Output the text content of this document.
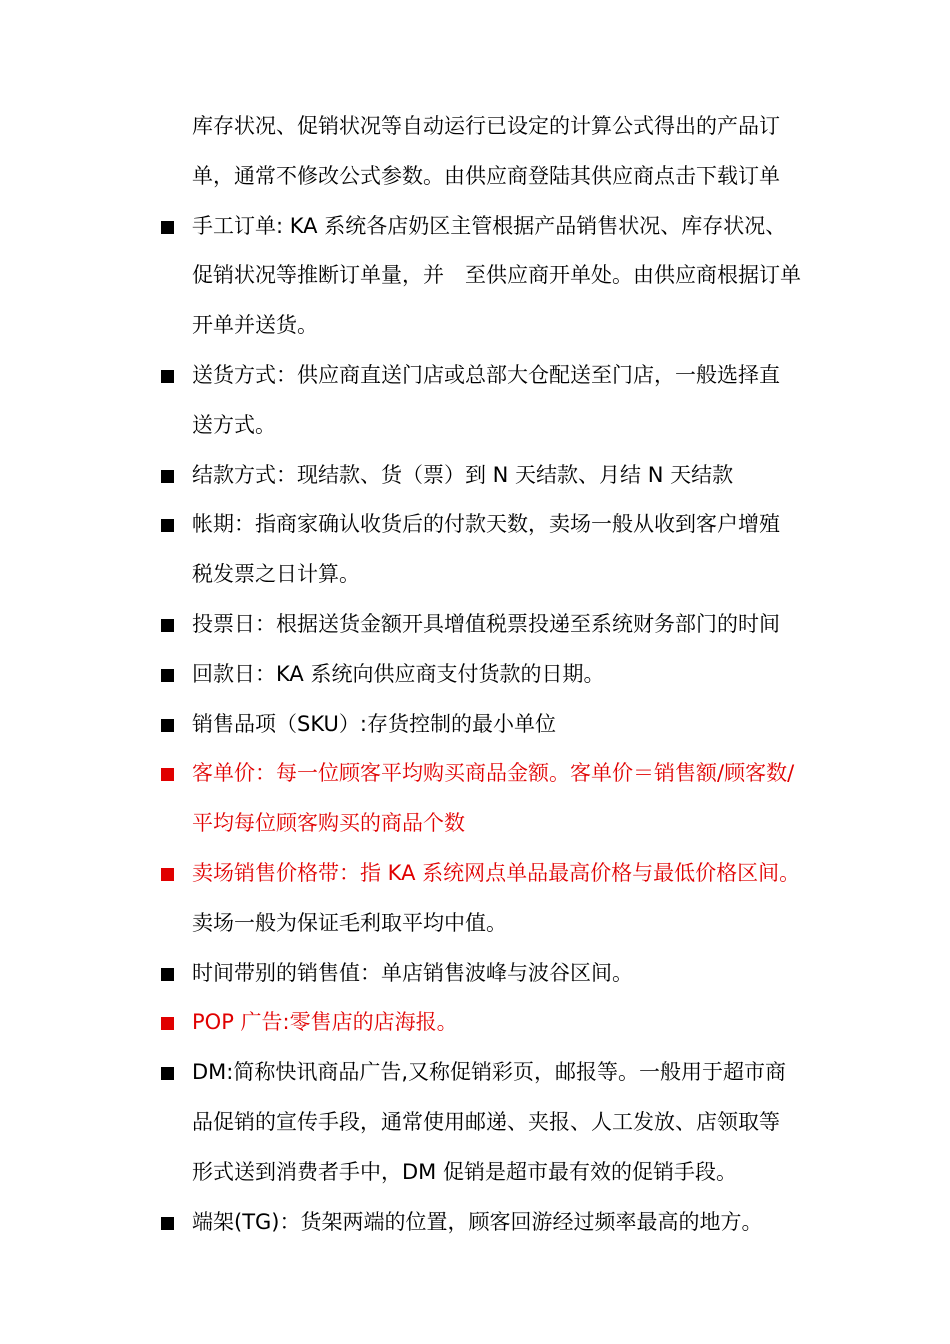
库存状况、促销状况等自动运行已设定的计算公式得出的产品订
单，通常不修改公式参数。由供应商登陆其供应商点击下载订单
手工订单: KA 系统各店奶区主管根据产品销售状况、库存状况、
促销状况等推断订单量，并　至供应商开单处。由供应商根据订单
开单并送货。
送货方式：供应商直送门店或总部大仓配送至门店，一般选择直
送方式。
结款方式：现结款、货（票）到 N 天结款、月结 N 天结款
帐期：指商家确认收货后的付款天数，卖场一般从收到客户增殖
税发票之日计算。
投票日：根据送货金额开具增值税票投递至系统财务部门的时间
回款日：KA 系统向供应商支付货款的日期。
销售品项（SKU）:存货控制的最小单位
客单价：每一位顾客平均购买商品金额。客单价＝销售额/顾客数/
平均每位顾客购买的商品个数
卖场销售价格带：指 KA 系统网点单品最高价格与最低价格区间。
卖场一般为保证毛利取平均中值。
时间带别的销售值：单店销售波峰与波谷区间。
POP 广告:零售店的店海报。
DM:简称快讯商品广告,又称促销彩页，邮报等。一般用于超市商
品促销的宣传手段，通常使用邮递、夹报、人工发放、店领取等
形式送到消费者手中，DM 促销是超市最有效的促销手段。
端架(TG)：货架两端的位置，顾客回游经过频率最高的地方。
